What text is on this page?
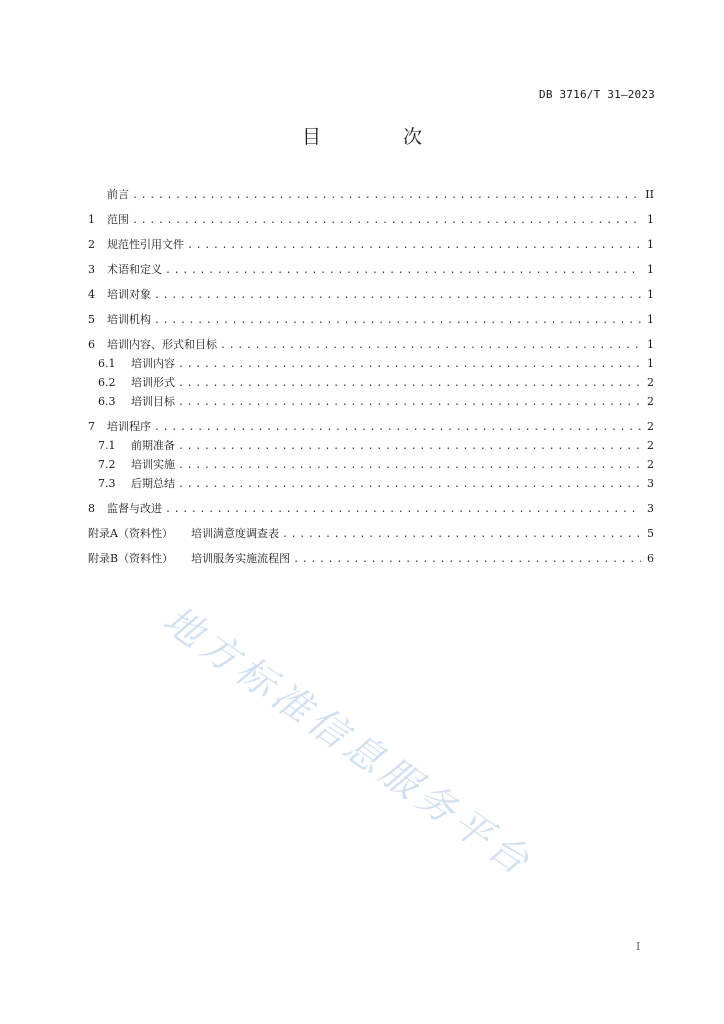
DB 3716/T 31—2023
目 次
前言 .....	II
1	范围 .....	1
2	规范性引用文件 .....	1
3	术语和定义 .....	1
4	培训对象 .....	1
5	培训机构 .....	1
6	培训内容、形式和目标 .....	1
6.1	培训内容 .....	1
6.2	培训形式 .....	2
6.3	培训目标 .....	2
7	培训程序 .....	2
7.1	前期准备 .....	2
7.2	培训实施 .....	2
7.3	后期总结 .....	3
8	监督与改进 .....	3
附录A（资料性） 培训满意度调查表 .....	5
附录B（资料性） 培训服务实施流程图 .....	6
地方标准信息服务平台
I
